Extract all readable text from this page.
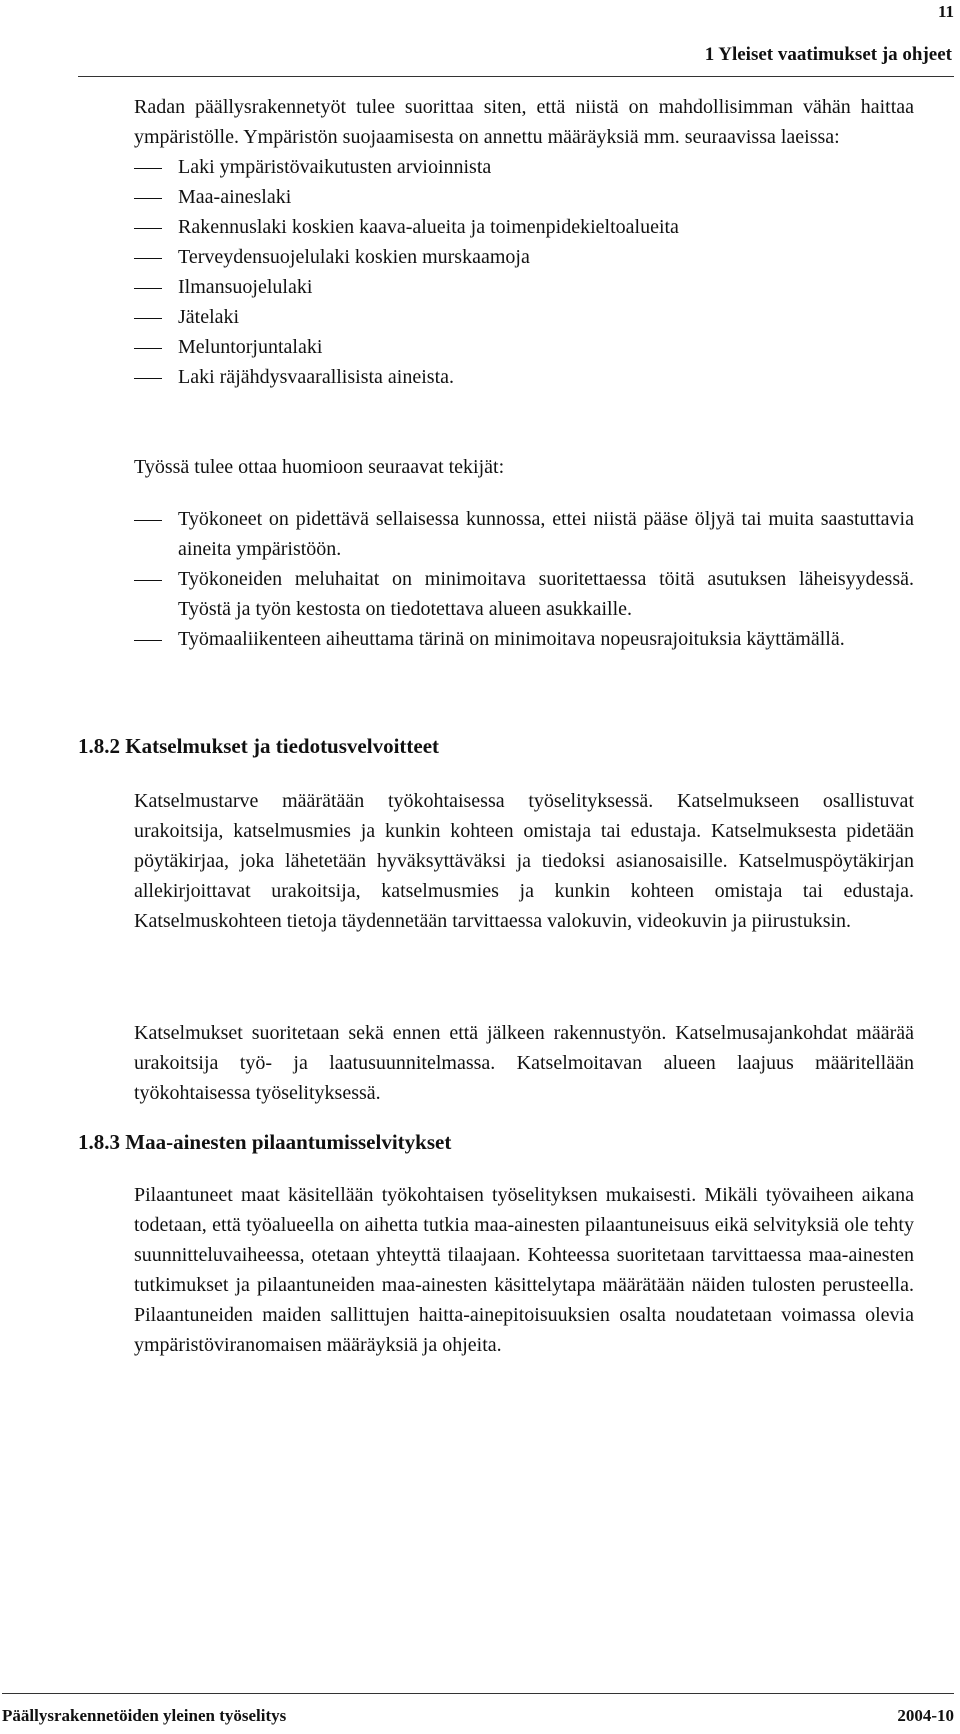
11
1 Yleiset vaatimukset ja ohjeet

Radan päällysrakennetyöt tulee suorittaa siten, että niistä on mahdollisimman vähän haittaa ympäristölle. Ympäristön suojaamisesta on annettu määräyksiä mm. seuraavissa laeissa:

Laki ympäristövaikutusten arvioinnista
Maa-aineslaki
Rakennuslaki koskien kaava-alueita ja toimenpidekieltoalueita
Terveydensuojelulaki koskien murskaamoja
Ilmansuojelulaki
Jätelaki
Meluntorjuntalaki
Laki räjähdysvaarallisista aineista.

Työssä tulee ottaa huomioon seuraavat tekijät:

Työkoneet on pidettävä sellaisessa kunnossa, ettei niistä pääse öljyä tai muita saastuttavia aineita ympäristöön.
Työkoneiden meluhaitat on minimoitava suoritettaessa töitä asutuksen läheisyydessä. Työstä ja työn kestosta on tiedotettava alueen asukkaille.
Työmaaliikenteen aiheuttama tärinä on minimoitava nopeusrajoituksia käyttämällä.
1.8.2 Katselmukset ja tiedotusvelvoitteet

Katselmustarve määrätään työkohtaisessa työselityksessä. Katselmukseen osallistuvat urakoitsija, katselmusmies ja kunkin kohteen omistaja tai edustaja. Katselmuksesta pidetään pöytäkirjaa, joka lähetetään hyväksyttäväksi ja tiedoksi asianosaisille. Katselmuspöytäkirjan allekirjoittavat urakoitsija, katselmusmies ja kunkin kohteen omistaja tai edustaja. Katselmuskohteen tietoja täydennetään tarvittaessa valokuvin, videokuvin ja piirustuksin.

Katselmukset suoritetaan sekä ennen että jälkeen rakennustyön. Katselmusajankohdat määrää urakoitsija työ- ja laatusuunnitelmassa. Katselmoitavan alueen laajuus määritellään työkohtaisessa työselityksessä.

1.8.3 Maa-ainesten pilaantumisselvitykset

Pilaantuneet maat käsitellään työkohtaisen työselityksen mukaisesti. Mikäli työvaiheen aikana todetaan, että työalueella on aihetta tutkia maa-ainesten pilaantuneisuus eikä selvityksiä ole tehty suunnitteluvaiheessa, otetaan yhteyttä tilaajaan. Kohteessa suoritetaan tarvittaessa maa-ainesten tutkimukset ja pilaantuneiden maa-ainesten käsittelytapa määrätään näiden tulosten perusteella. Pilaantuneiden maiden sallittujen haitta-ainepitoisuuksien osalta noudatetaan voimassa olevia ympäristöviranomaisen määräyksiä ja ohjeita.

Päällysrakennetöiden yleinen työselitys	2004-10
